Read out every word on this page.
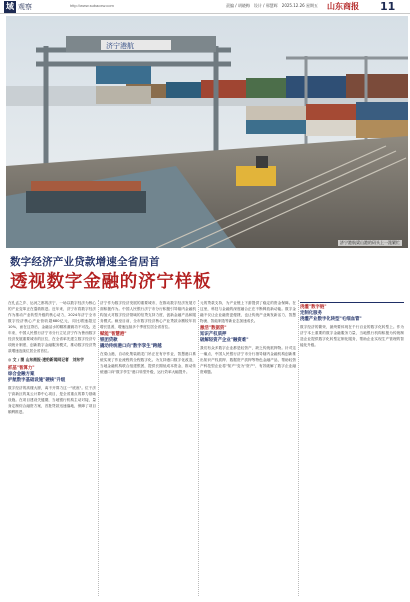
域 观察	http://www.subaoxw.com	责编 / 胡晓梅　设计 / 邢慧晖　2025.12.26 星期五 山东商报 11
济宁港航
济宁港航梁山港的码头上一派繁忙
数字经济产业贷款增速全省居首
透视数字金融的济宁样板

在孔孟之乡、运河之都的济宁，一场以数字经济为核心的产业变革正在蓬勃推进。近年来，济宁市将数字经济作为推动产业转型升级的核心动力，2024年济宁全市数字经济核心产业营收超680亿元，同比增速超过10%，而在这背后，金融活水的精准灌溉功不可没。近年来，中国人民银行济宁市分行立足济宁作为鲁西数字经济发展重要城市的区位，在全省率先建立数字经济专项统计制度，创新数字金融服务模式，推动数字经济贷款增速连续位居全省首位。

◎ 文 / 图 山东商报·速豹新闻网记者　刘东宇
抓基"智算力"
综合金融方案
护航数字基础设施"硬核"升级

数字经济的高楼大厦，离不开算力这一"底座"。位于济宁高新区的某云计算中心项目，是全省重点的算力基础设施。在项目建设关键期，当地银行机构主动对接，量身定制综合融资方案，首批贷款迅速落地，保障了项目顺利推进。

济宁作为数字经济发展的重要城市，在推动数字经济发展方面积极作为。中国人民银行济宁市分行积极引导辖内金融机构加大对数字经济领域的信贷支持力度，创新金融产品和服务模式。截至目前，全市数字经济核心产业贷款余额较年初增长显著，增速连续多个季度位居全省首位。

赋能"智慧港"
银团贷款
撬动传统港口向"数字孪生"跨越

在梁山港，自动化集装箱龙门吊正在有序作业，智慧港口系统实现了作业流程的全程数字化。为支持港口数字化改造，当地金融机构联合组建银团，提供长期低成本资金，推动传统港口向"数字孪生"港口转型升级，运行效率大幅提升。

元的贷款支持，为产业链上下游提供了稳定的资金保障。在这里，科技与金融的深度融合正在不断释放新动能。数字金融不仅让企业融资更便捷，也让传统产业焕发新活力，智慧物流、智能制造等新业态加速成长。

激活"数据资"
知识产权质押
破解轻资产企业"融资难"

我们有众多数字企业都是轻资产，缺乏传统抵押物。针对这一痛点，中国人民银行济宁市分行指导辖内金融机构创新推出知识产权质押、数据资产质押等特色金融产品，帮助轻资产科技型企业将"知产"变为"资产"，有效破解了数字企业融资难题。

浇灌"数字链"
定制化服务
浇灌产业数字化转型"毛细血管"

数字经济的繁荣，最终要体现在千行百业的数字化转型上。作为济宁本土重要的数字金融服务力量，当地银行机构积极为传统制造企业提供数字化转型定制化服务，帮助企业实现生产管理的智能化升级。
